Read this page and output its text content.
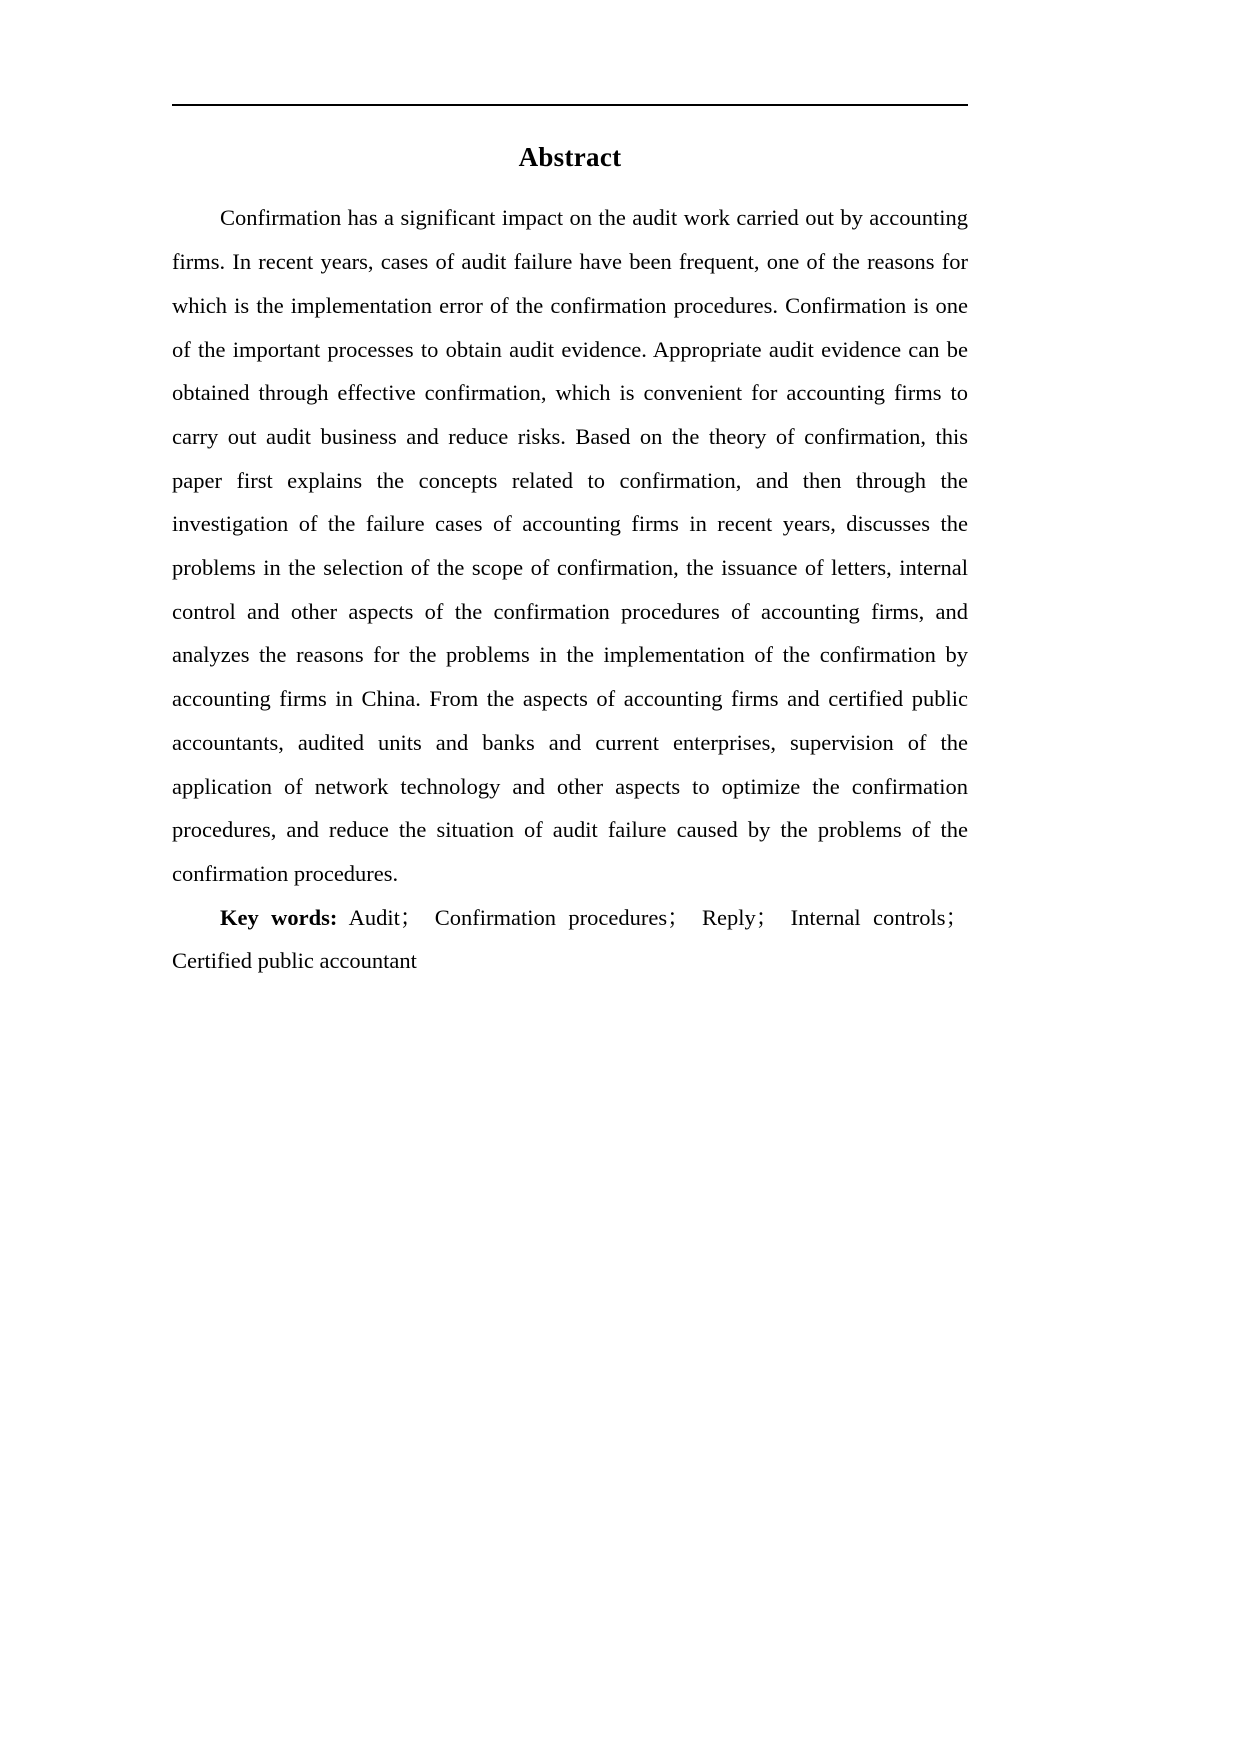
Abstract

Confirmation has a significant impact on the audit work carried out by accounting firms. In recent years, cases of audit failure have been frequent, one of the reasons for which is the implementation error of the confirmation procedures. Confirmation is one of the important processes to obtain audit evidence. Appropriate audit evidence can be obtained through effective confirmation, which is convenient for accounting firms to carry out audit business and reduce risks. Based on the theory of confirmation, this paper first explains the concepts related to confirmation, and then through the investigation of the failure cases of accounting firms in recent years, discusses the problems in the selection of the scope of confirmation, the issuance of letters, internal control and other aspects of the confirmation procedures of accounting firms, and analyzes the reasons for the problems in the implementation of the confirmation by accounting firms in China. From the aspects of accounting firms and certified public accountants, audited units and banks and current enterprises, supervision of the application of network technology and other aspects to optimize the confirmation procedures, and reduce the situation of audit failure caused by the problems of the confirmation procedures.

Key words: Audit； Confirmation procedures； Reply； Internal controls； Certified public accountant
